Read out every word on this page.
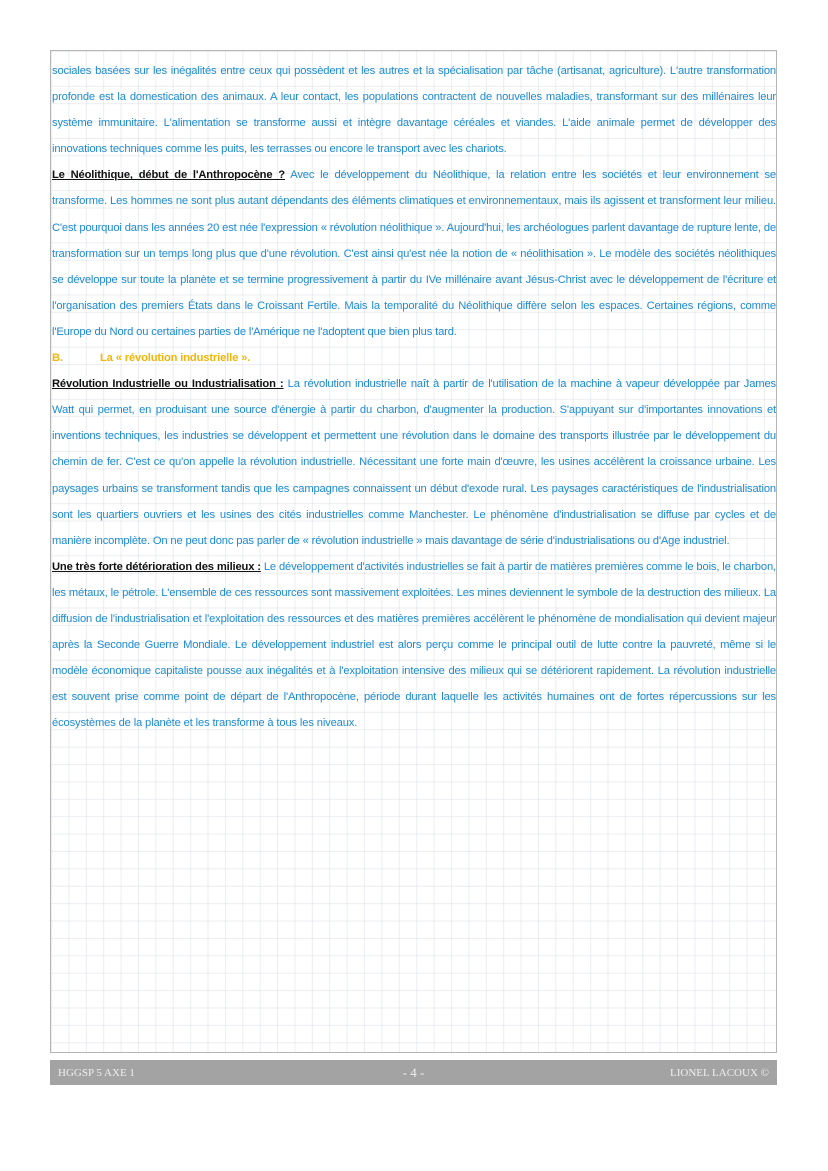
sociales basées sur les inégalités entre ceux qui possèdent et les autres et la spécialisation par tâche (artisanat, agriculture). L'autre transformation profonde est la domestication des animaux. A leur contact, les populations contractent de nouvelles maladies, transformant sur des millénaires leur système immunitaire. L'alimentation se transforme aussi et intègre davantage céréales et viandes. L'aide animale permet de développer des innovations techniques comme les puits, les terrasses ou encore le transport avec les chariots.

Le Néolithique, début de l'Anthropocène ? Avec le développement du Néolithique, la relation entre les sociétés et leur environnement se transforme. Les hommes ne sont plus autant dépendants des éléments climatiques et environnementaux, mais ils agissent et transforment leur milieu. C'est pourquoi dans les années 20 est née l'expression « révolution néolithique ». Aujourd'hui, les archéologues parlent davantage de rupture lente, de transformation sur un temps long plus que d'une révolution. C'est ainsi qu'est née la notion de « néolithisation ». Le modèle des sociétés néolithiques se développe sur toute la planète et se termine progressivement à partir du IVe millénaire avant Jésus-Christ avec le développement de l'écriture et l'organisation des premiers États dans le Croissant Fertile. Mais la temporalité du Néolithique diffère selon les espaces. Certaines régions, comme l'Europe du Nord ou certaines parties de l'Amérique ne l'adoptent que bien plus tard.

B.	La « révolution industrielle ».

Révolution Industrielle ou Industrialisation : La révolution industrielle naît à partir de l'utilisation de la machine à vapeur développée par James Watt qui permet, en produisant une source d'énergie à partir du charbon, d'augmenter la production. S'appuyant sur d'importantes innovations et inventions techniques, les industries se développent et permettent une révolution dans le domaine des transports illustrée par le développement du chemin de fer. C'est ce qu'on appelle la révolution industrielle. Nécessitant une forte main d'œuvre, les usines accélèrent la croissance urbaine. Les paysages urbains se transforment tandis que les campagnes connaissent un début d'exode rural. Les paysages caractéristiques de l'industrialisation sont les quartiers ouvriers et les usines des cités industrielles comme Manchester. Le phénomène d'industrialisation se diffuse par cycles et de manière incomplète. On ne peut donc pas parler de « révolution industrielle » mais davantage de série d'industrialisations ou d'Age industriel.

Une très forte détérioration des milieux : Le développement d'activités industrielles se fait à partir de matières premières comme le bois, le charbon, les métaux, le pétrole. L'ensemble de ces ressources sont massivement exploitées. Les mines deviennent le symbole de la destruction des milieux. La diffusion de l'industrialisation et l'exploitation des ressources et des matières premières accélèrent le phénomène de mondialisation qui devient majeur après la Seconde Guerre Mondiale. Le développement industriel est alors perçu comme le principal outil de lutte contre la pauvreté, même si le modèle économique capitaliste pousse aux inégalités et à l'exploitation intensive des milieux qui se détériorent rapidement. La révolution industrielle est souvent prise comme point de départ de l'Anthropocène, période durant laquelle les activités humaines ont de fortes répercussions sur les écosystèmes de la planète et les transforme à tous les niveaux.

HGGSP 5 AXE 1	- 4 -	LIONEL LACOUX ©
